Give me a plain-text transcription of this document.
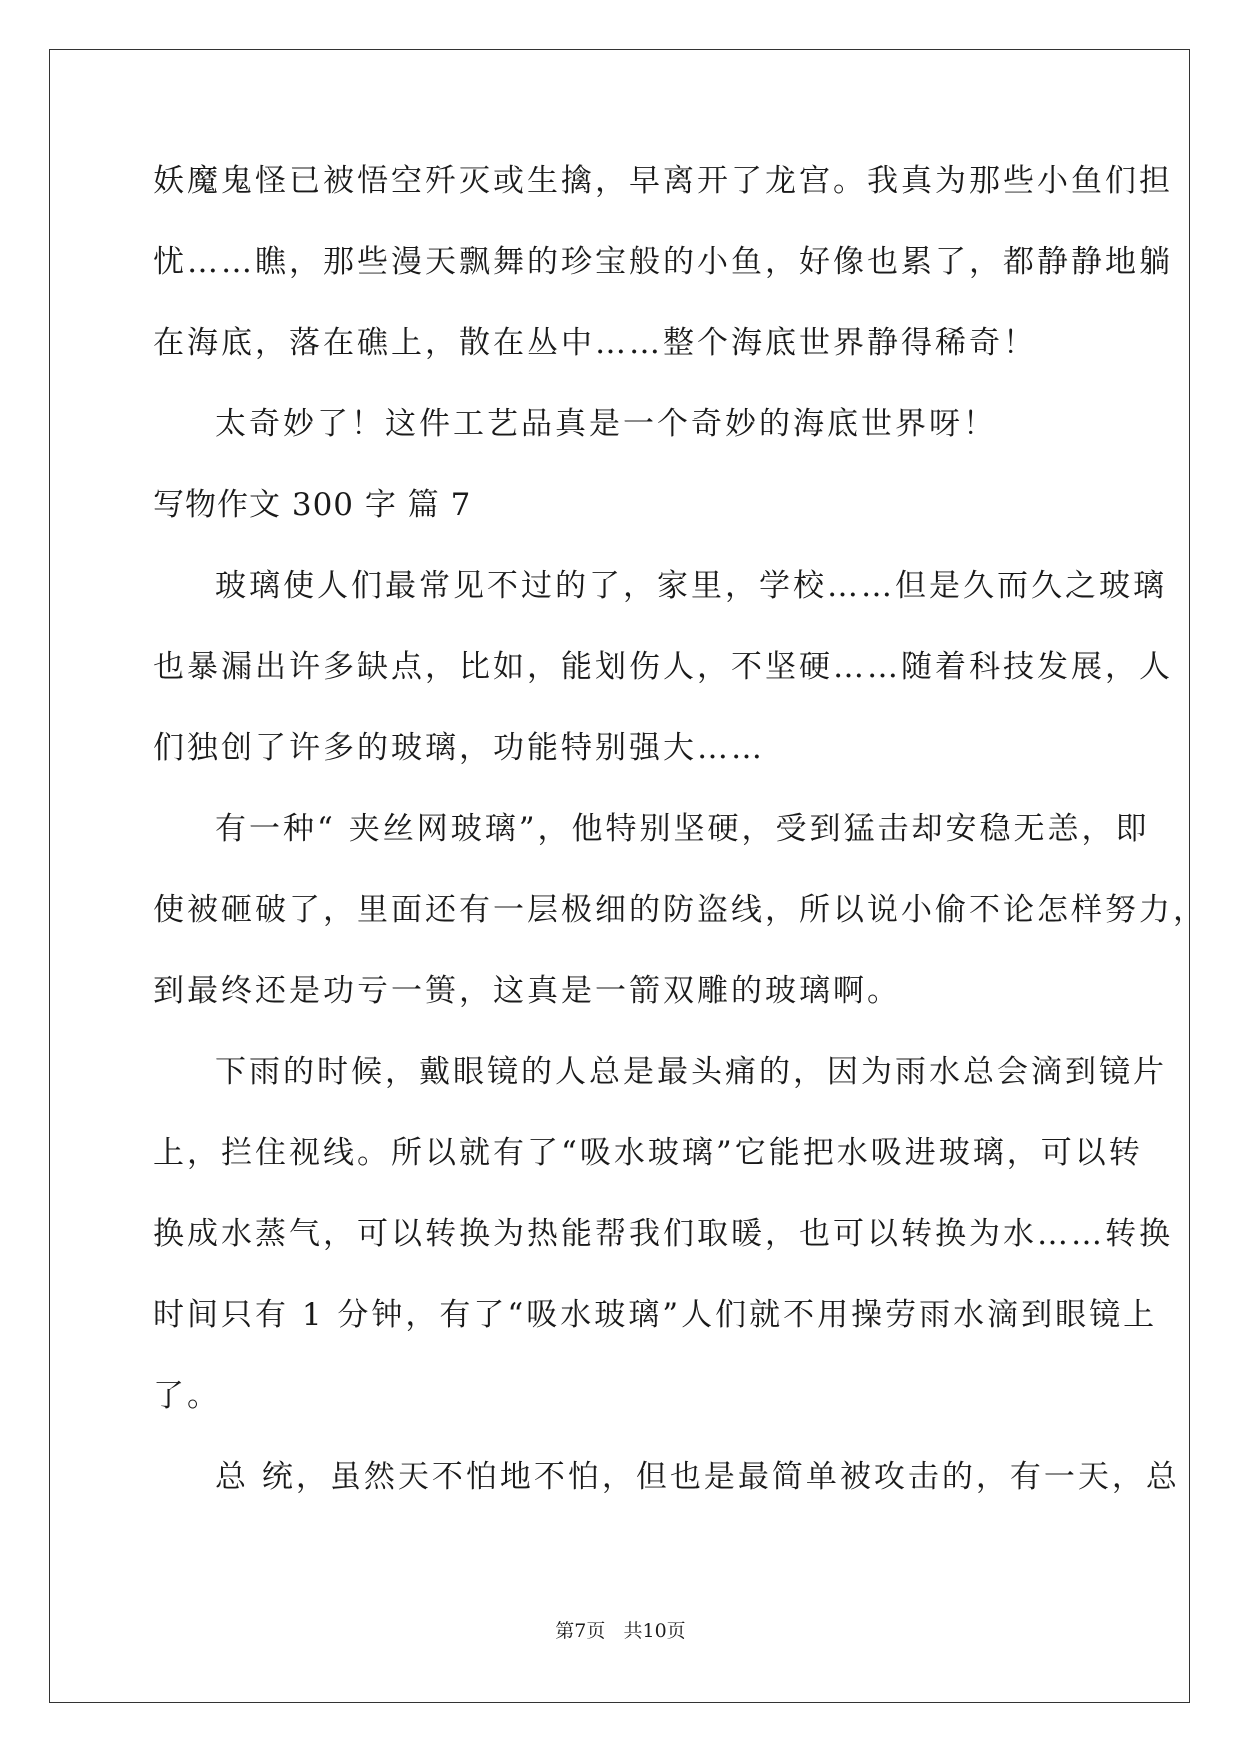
妖魔鬼怪已被悟空歼灭或生擒，早离开了龙宫。我真为那些小鱼们担
忧……瞧，那些漫天飘舞的珍宝般的小鱼，好像也累了，都静静地躺
在海底，落在礁上，散在丛中……整个海底世界静得稀奇！
太奇妙了！这件工艺品真是一个奇妙的海底世界呀！
写物作文 300 字 篇 7
玻璃使人们最常见不过的了，家里，学校……但是久而久之玻璃
也暴漏出许多缺点，比如，能划伤人，不坚硬……随着科技发展，人
们独创了许多的玻璃，功能特别强大……
有一种“ 夹丝网玻璃”，他特别坚硬，受到猛击却安稳无恙，即
使被砸破了，里面还有一层极细的防盗线，所以说小偷不论怎样努力，
到最终还是功亏一篑，这真是一箭双雕的玻璃啊。
下雨的时候，戴眼镜的人总是最头痛的，因为雨水总会滴到镜片
上，拦住视线。所以就有了“吸水玻璃”它能把水吸进玻璃，可以转
换成水蒸气，可以转换为热能帮我们取暖，也可以转换为水……转换
时间只有 1 分钟，有了“吸水玻璃”人们就不用操劳雨水滴到眼镜上
了。
总 统，虽然天不怕地不怕，但也是最简单被攻击的，有一天，总
第7页   共10页
